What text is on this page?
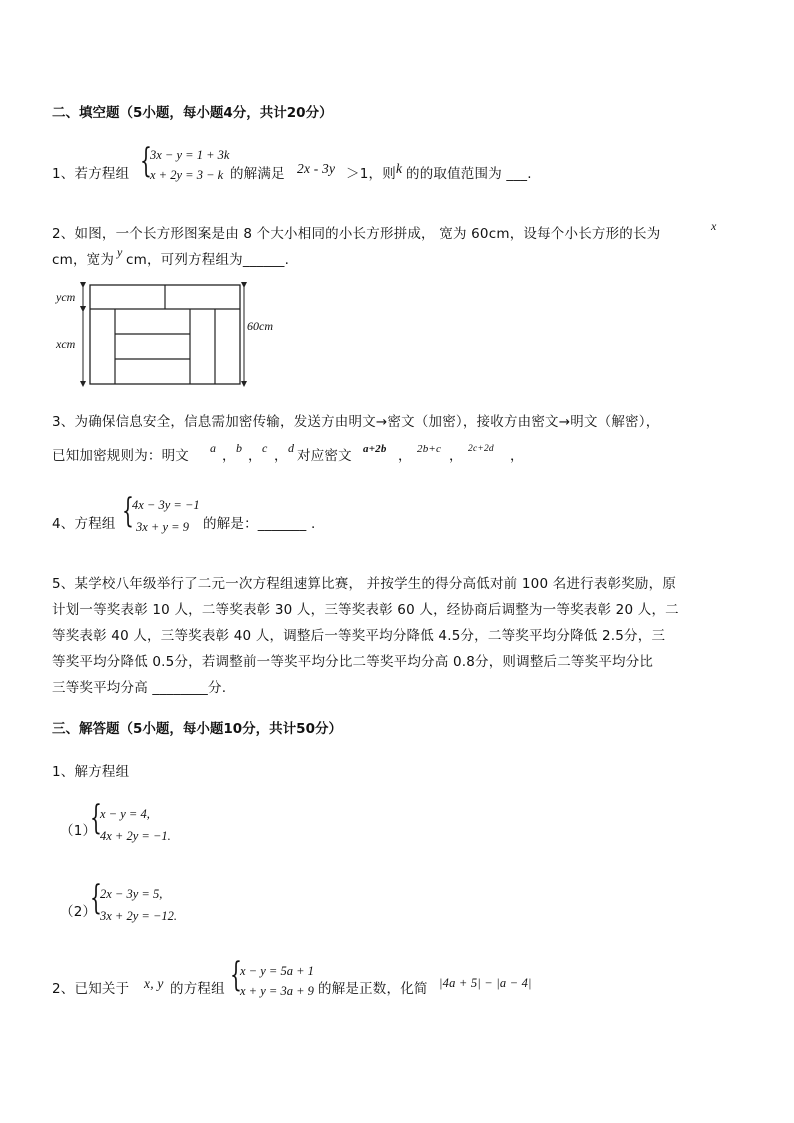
二、填空题（5小题，每小题4分，共计20分）
1、若方程组 {
3x − y = 1 + 3k
x + 2y = 3 − k 的解满足 2x - 3y ＞1，则 k 的的取值范围为 ___.
2、如图，一个长方形图案是由 8 个大小相同的小长方形拼成， 宽为 60cm，设每个小长方形的长为	x
cm，宽为 y cm，可列方程组为______.
ycm
xcm
60cm
3、为确保信息安全，信息需加密传输，发送方由明文→密文（加密），接收方由密文→明文（解密），
已知加密规则为：明文 a ， b ， c ， d 对应密文 a+2b ， 2b+c ， 2c+2d ，
4、方程组 {
4x − 3y = −1
3x + y = 9 的解是：_______ .
5、某学校八年级举行了二元一次方程组速算比赛， 并按学生的得分高低对前 100 名进行表彰奖励，原
计划一等奖表彰 10 人，二等奖表彰 30 人，三等奖表彰 60 人，经协商后调整为一等奖表彰 20 人，二
等奖表彰 40 人，三等奖表彰 40 人，调整后一等奖平均分降低 4.5分，二等奖平均分降低 2.5分，三
等奖平均分降低 0.5分，若调整前一等奖平均分比二等奖平均分高 0.8分，则调整后二等奖平均分比
三等奖平均分高 ________分.
三、解答题（5小题，每小题10分，共计50分）
1、解方程组
（1）
{
x − y = 4,
4x + 2y = −1.
（2）
{
2x − 3y = 5,
3x + 2y = −12.
2、已知关于 x, y 的方程组 {
x − y = 5a + 1
x + y = 3a + 9 的解是正数，化简 |4a + 5| − |a − 4|
